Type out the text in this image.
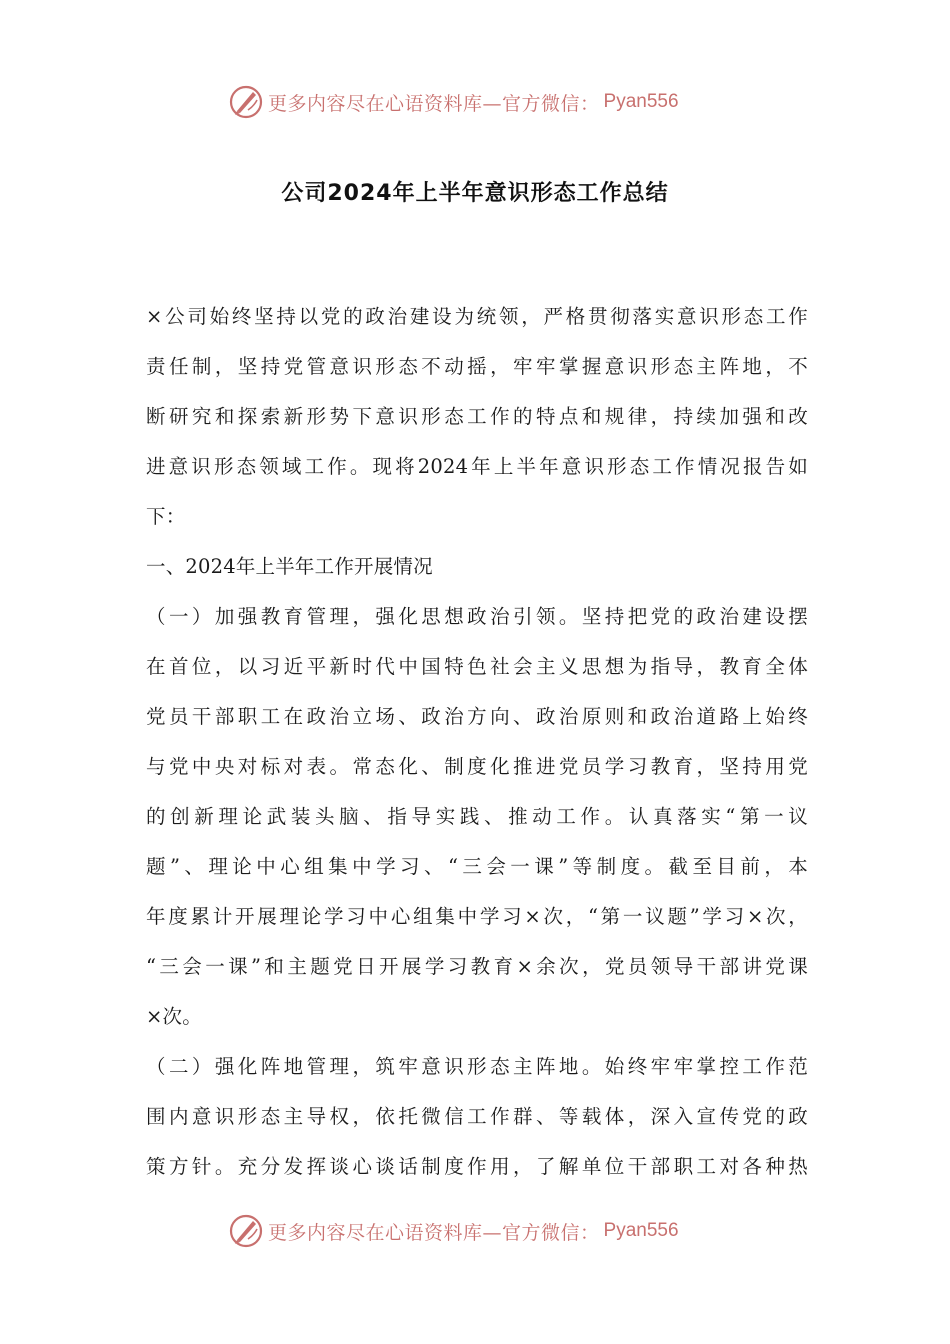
更多内容尽在心语资料库—官方微信： Pyan556
公司2024年上半年意识形态工作总结
×公司始终坚持以党的政治建设为统领，严格贯彻落实意识形态工作
责任制，坚持党管意识形态不动摇，牢牢掌握意识形态主阵地，不
断研究和探索新形势下意识形态工作的特点和规律，持续加强和改
进意识形态领域工作。现将2024年上半年意识形态工作情况报告如
下：
一、2024年上半年工作开展情况
（一）加强教育管理，强化思想政治引领。坚持把党的政治建设摆
在首位，以习近平新时代中国特色社会主义思想为指导，教育全体
党员干部职工在政治立场、政治方向、政治原则和政治道路上始终
与党中央对标对表。常态化、制度化推进党员学习教育，坚持用党
的创新理论武装头脑、指导实践、推动工作。认真落实“第一议
题”、理论中心组集中学习、“三会一课”等制度。截至目前，本
年度累计开展理论学习中心组集中学习×次，“第一议题”学习×次，
“三会一课”和主题党日开展学习教育×余次，党员领导干部讲党课
×次。
（二）强化阵地管理，筑牢意识形态主阵地。始终牢牢掌控工作范
围内意识形态主导权，依托微信工作群、等载体，深入宣传党的政
策方针。充分发挥谈心谈话制度作用，了解单位干部职工对各种热
更多内容尽在心语资料库—官方微信： Pyan556
